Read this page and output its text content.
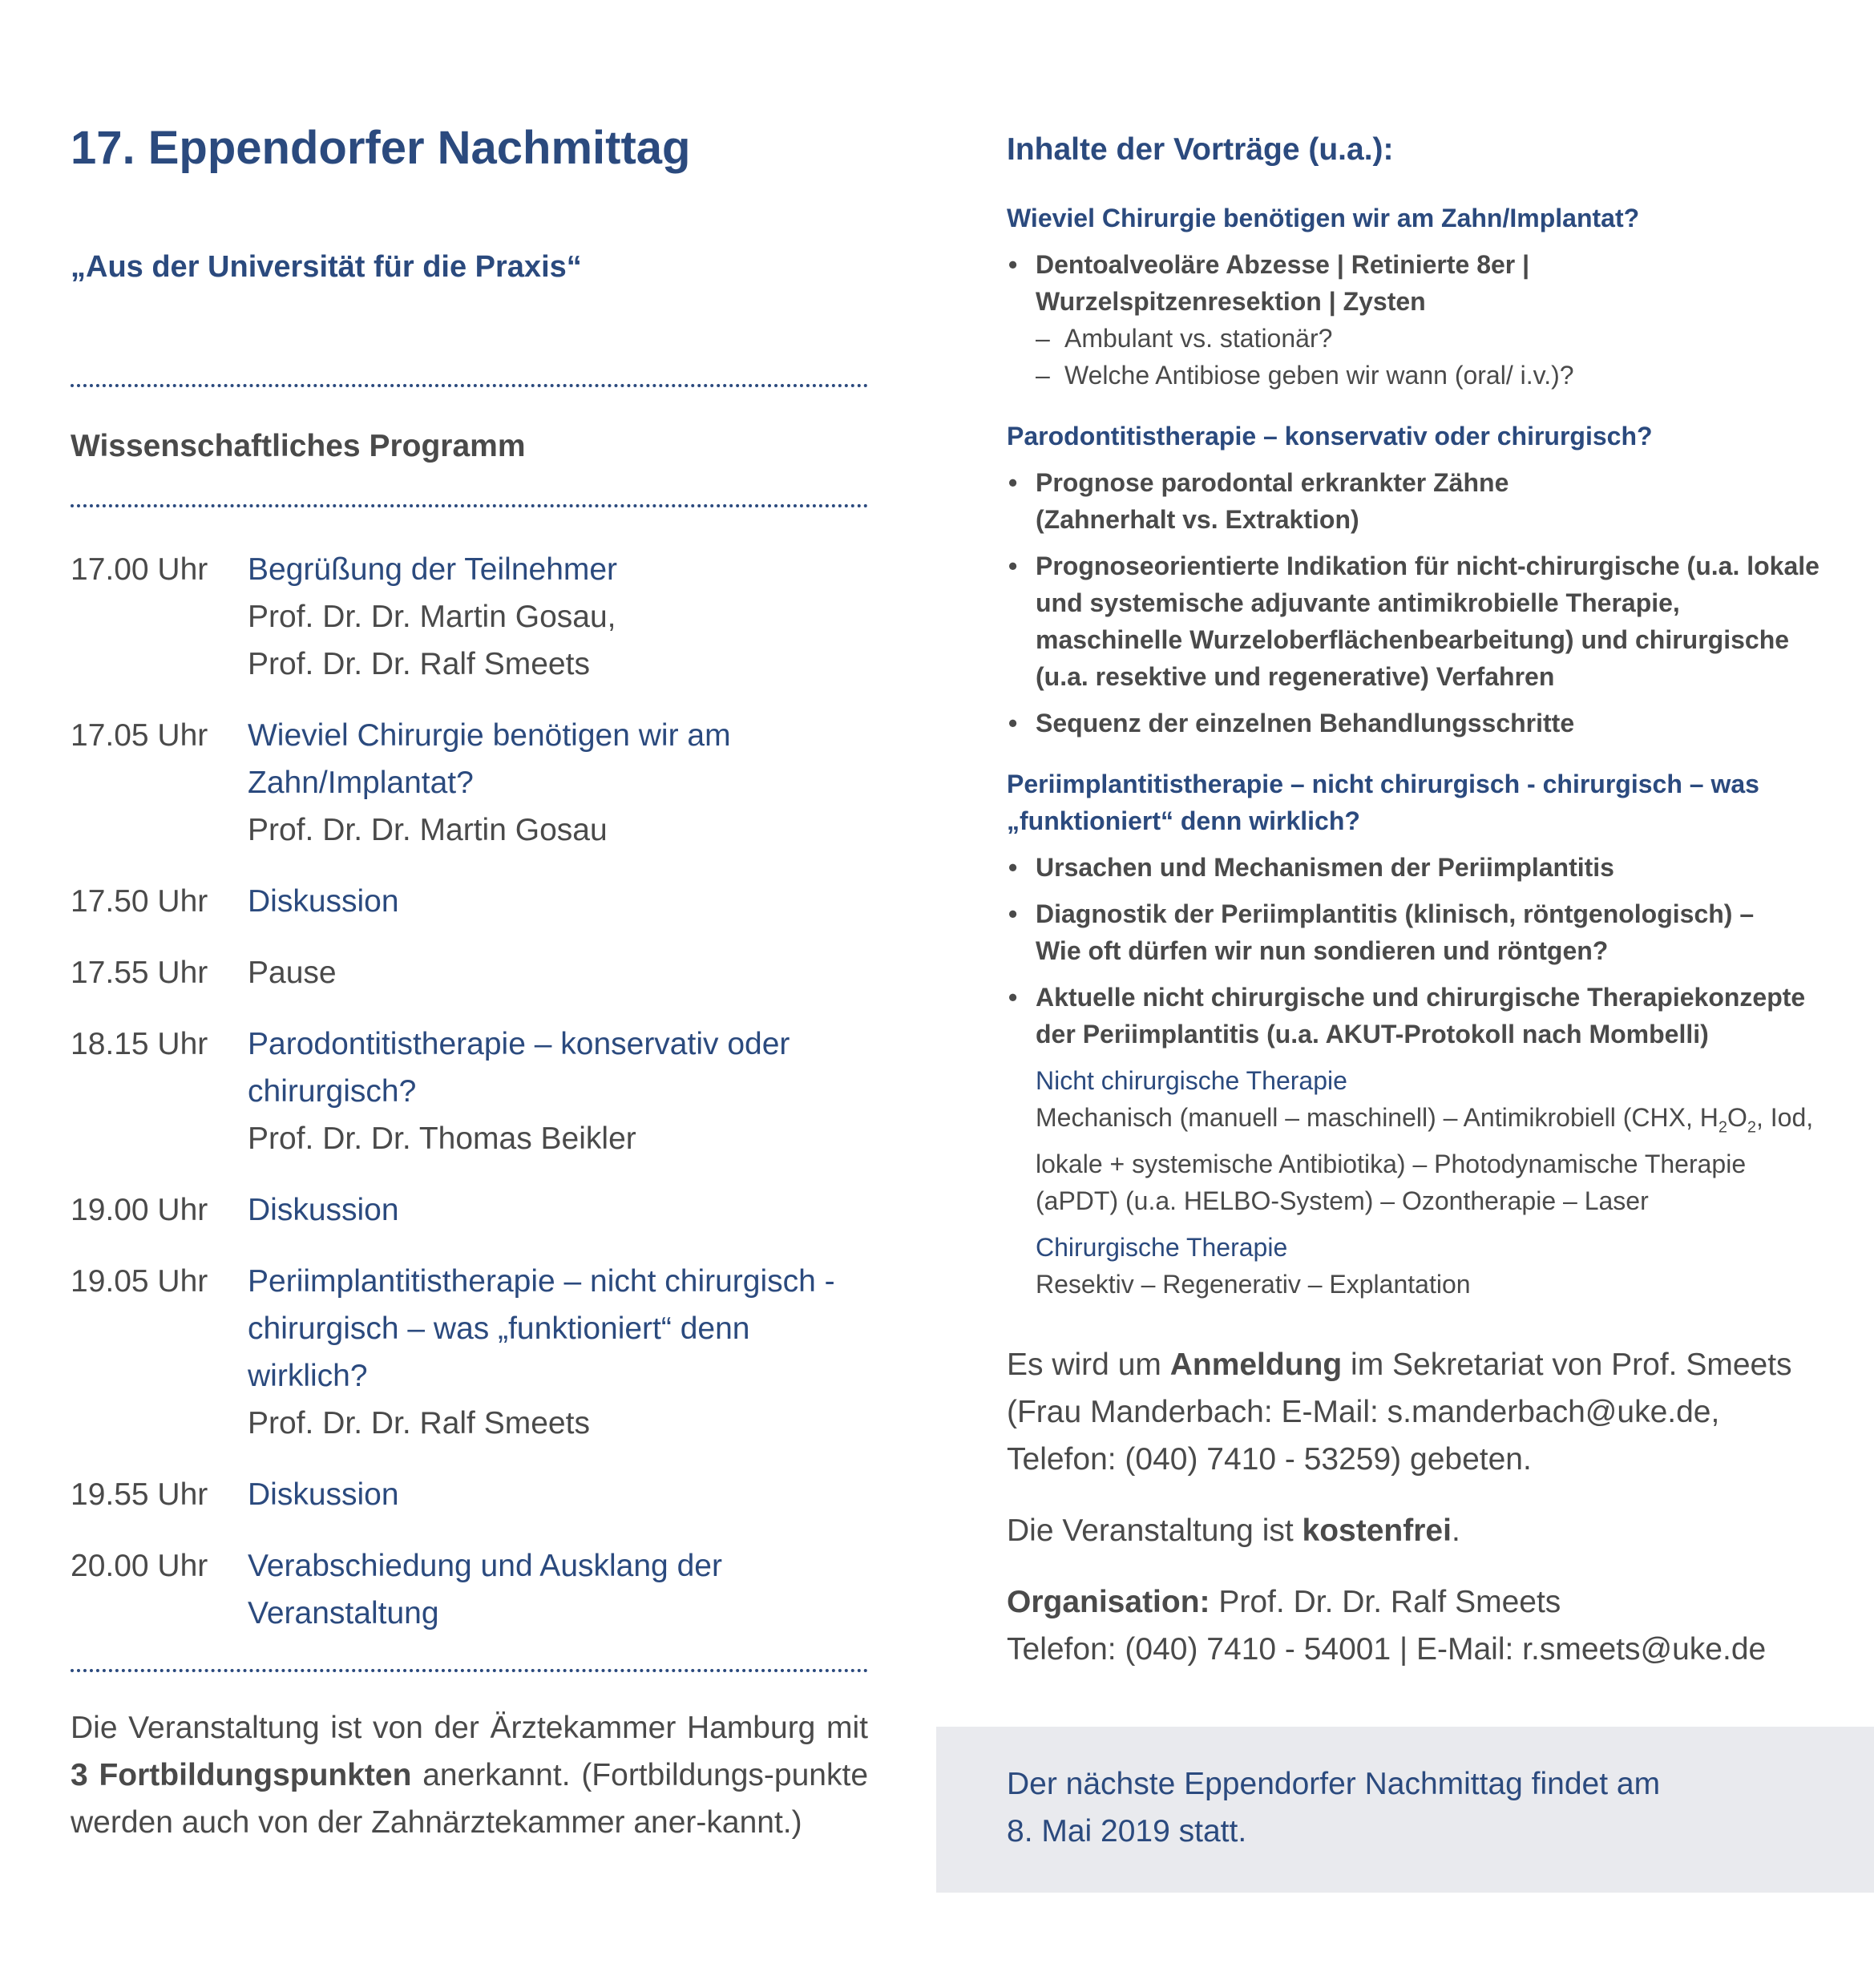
17. Eppendorfer Nachmittag
„Aus der Universität für die Praxis“
Wissenschaftliches Programm
17.00 Uhr	Begrüßung der Teilnehmer
Prof. Dr. Dr. Martin Gosau,
Prof. Dr. Dr. Ralf Smeets
17.05 Uhr	Wieviel Chirurgie benötigen wir am Zahn/Implantat?
Prof. Dr. Dr. Martin Gosau
17.50 Uhr	Diskussion
17.55 Uhr	Pause
18.15 Uhr	Parodontitistherapie – konservativ oder chirurgisch?
Prof. Dr. Dr. Thomas Beikler
19.00 Uhr	Diskussion
19.05 Uhr	Periimplantitistherapie – nicht chirurgisch - chirurgisch – was „funktioniert“ denn wirklich?
Prof. Dr. Dr. Ralf Smeets
19.55 Uhr	Diskussion
20.00 Uhr	Verabschiedung und Ausklang der Veranstaltung
Die Veranstaltung ist von der Ärztekammer Hamburg mit 3 Fortbildungspunkten anerkannt. (Fortbildungs-punkte werden auch von der Zahnärztekammer aner-kannt.)
Inhalte der Vorträge (u.a.):
Wieviel Chirurgie benötigen wir am Zahn/Implantat?
• Dentoalveoläre Abzesse | Retinierte 8er |
Wurzelspitzenresektion | Zysten
– Ambulant vs. stationär?
– Welche Antibiose geben wir wann (oral/ i.v.)?
Parodontitistherapie – konservativ oder chirurgisch?
• Prognose parodontal erkrankter Zähne
(Zahnerhalt vs. Extraktion)
• Prognoseorientierte Indikation für nicht-chirurgische (u.a. lokale und systemische adjuvante antimikrobielle Therapie, maschinelle Wurzeloberflächenbearbeitung) und chirurgische (u.a. resektive und regenerative) Verfahren
• Sequenz der einzelnen Behandlungsschritte
Periimplantitistherapie – nicht chirurgisch - chirurgisch – was „funktioniert“ denn wirklich?
• Ursachen und Mechanismen der Periimplantitis
• Diagnostik der Periimplantitis (klinisch, röntgenologisch) –
Wie oft dürfen wir nun sondieren und röntgen?
• Aktuelle nicht chirurgische und chirurgische Therapiekonzepte der Periimplantitis (u.a. AKUT-Protokoll nach Mombelli)
Nicht chirurgische Therapie
Mechanisch (manuell – maschinell) – Antimikrobiell (CHX, $H_2O_2$, Iod, lokale + systemische Antibiotika) – Photodynamische Therapie (aPDT) (u.a. HELBO-System) – Ozontherapie – Laser
Chirurgische Therapie
Resektiv – Regenerativ – Explantation
Es wird um Anmeldung im Sekretariat von Prof. Smeets (Frau Manderbach: E-Mail: s.manderbach@uke.de, Telefon: (040) 7410 - 53259) gebeten.
Die Veranstaltung ist kostenfrei.
Organisation: Prof. Dr. Dr. Ralf Smeets
Telefon: (040) 7410 - 54001 | E-Mail: r.smeets@uke.de
Der nächste Eppendorfer Nachmittag findet am
8. Mai 2019 statt.
